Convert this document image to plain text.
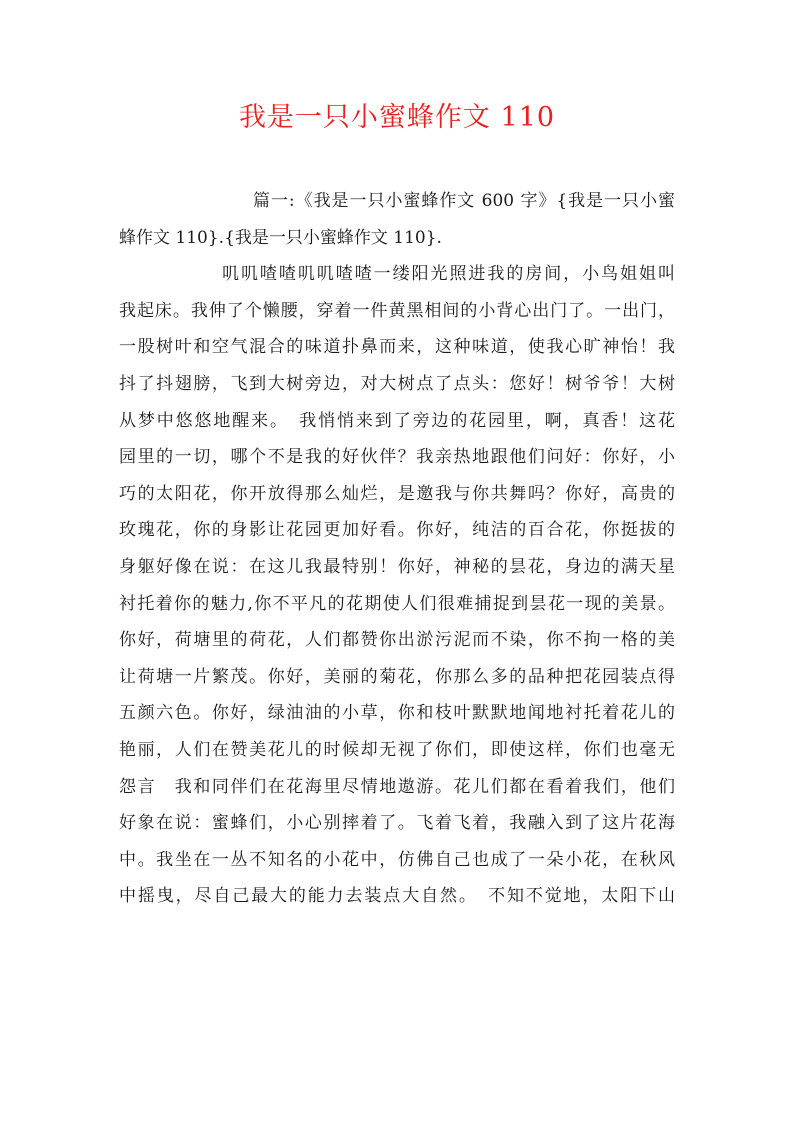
我是一只小蜜蜂作文 110
篇一:《我是一只小蜜蜂作文 600 字》{我是一只小蜜
蜂作文 110}.{我是一只小蜜蜂作文 110}.
叽叽喳喳叽叽喳喳一缕阳光照进我的房间，小鸟姐姐叫
我起床。我伸了个懒腰，穿着一件黄黑相间的小背心出门了。一出门，
一股树叶和空气混合的味道扑鼻而来，这种味道，使我心旷神怡！我
抖了抖翅膀，飞到大树旁边，对大树点了点头：您好！树爷爷！大树
从梦中悠悠地醒来。　我悄悄来到了旁边的花园里，啊，真香！这花
园里的一切，哪个不是我的好伙伴？我亲热地跟他们问好：你好，小
巧的太阳花，你开放得那么灿烂，是邀我与你共舞吗？你好，高贵的
玫瑰花，你的身影让花园更加好看。你好，纯洁的百合花，你挺拔的
身躯好像在说：在这儿我最特别！你好，神秘的昙花，身边的满天星
衬托着你的魅力,你不平凡的花期使人们很难捕捉到昙花一现的美景。
你好，荷塘里的荷花，人们都赞你出淤污泥而不染，你不拘一格的美
让荷塘一片繁茂。你好，美丽的菊花，你那么多的品种把花园装点得
五颜六色。你好，绿油油的小草，你和枝叶默默地闻地衬托着花儿的
艳丽，人们在赞美花儿的时候却无视了你们，即使这样，你们也毫无
怨言　我和同伴们在花海里尽情地遨游。花儿们都在看着我们，他们
好象在说：蜜蜂们，小心别摔着了。飞着飞着，我融入到了这片花海
中。我坐在一丛不知名的小花中，仿佛自己也成了一朵小花，在秋风
中摇曳，尽自己最大的能力去装点大自然。　不知不觉地，太阳下山
